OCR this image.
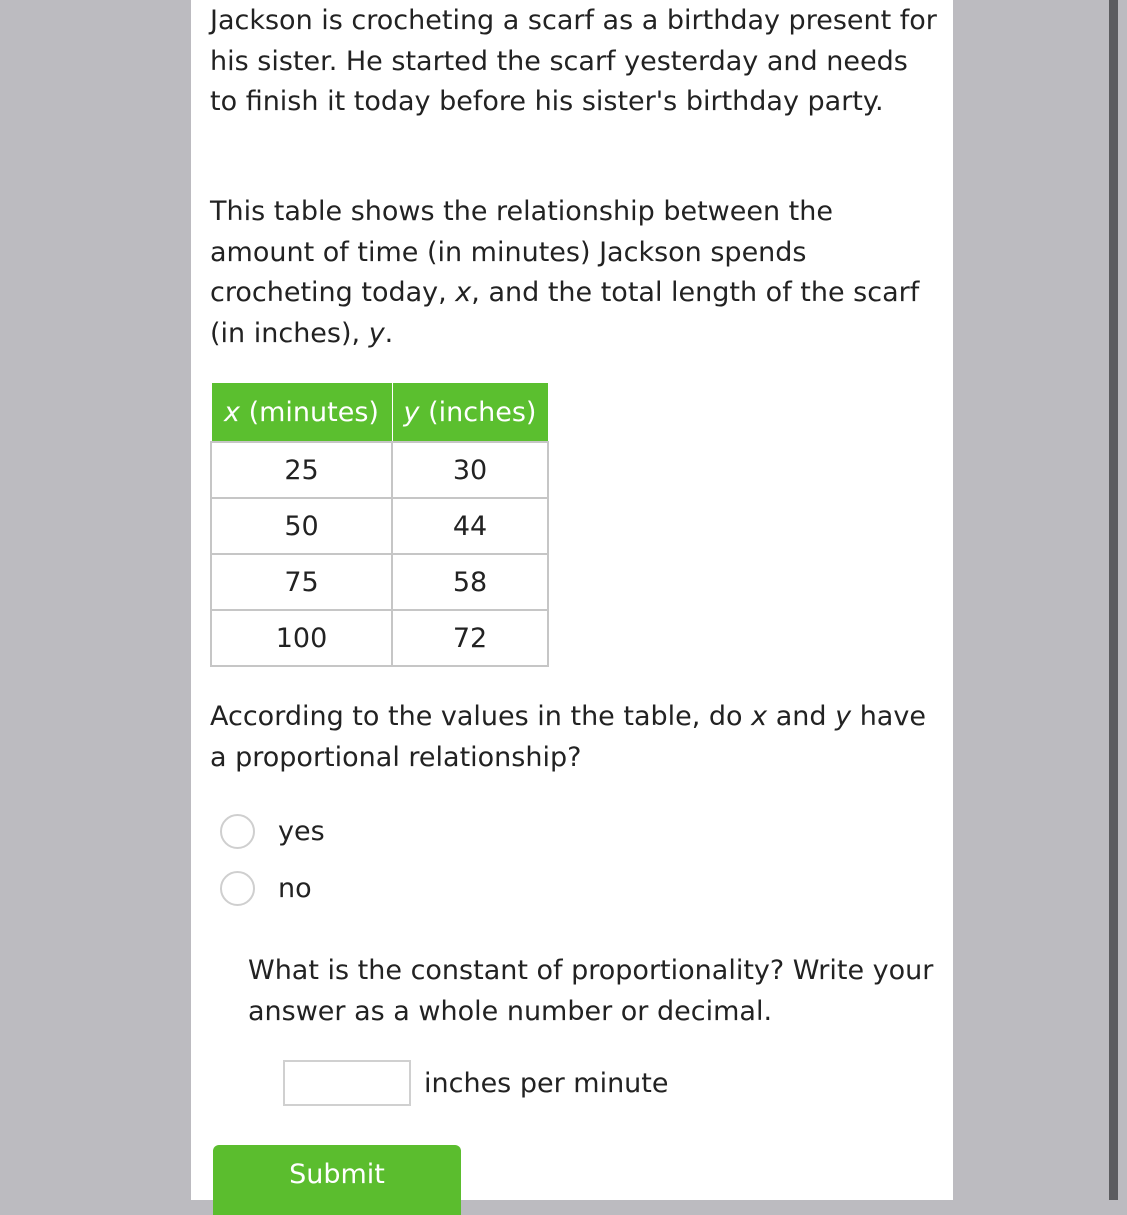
Jackson is crocheting a scarf as a birthday present for his sister. He started the scarf yesterday and needs to finish it today before his sister's birthday party.

This table shows the relationship between the amount of time (in minutes) Jackson spends crocheting today, x, and the total length of the scarf (in inches), y.

x (minutes)	y (inches)
25	30
50	44
75	58
100	72

According to the values in the table, do x and y have a proportional relationship?

yes
no

What is the constant of proportionality? Write your answer as a whole number or decimal.

inches per minute
Submit
